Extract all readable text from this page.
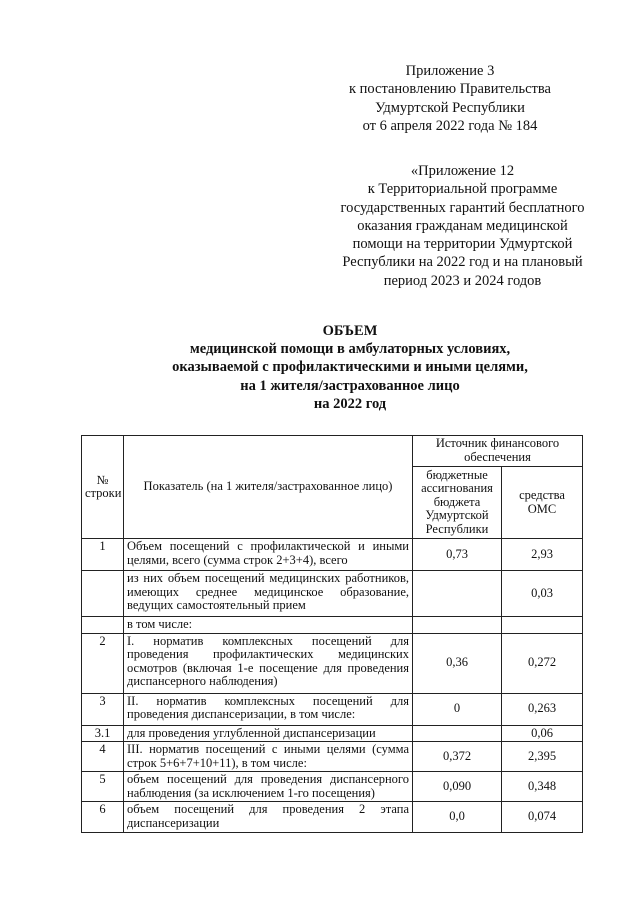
Приложение 3
к постановлению Правительства
Удмуртской Республики
от 6 апреля 2022 года № 184
«Приложение 12
к Территориальной программе
государственных гарантий бесплатного
оказания гражданам медицинской
помощи на территории Удмуртской
Республики на 2022 год и на плановый
период 2023 и 2024 годов
ОБЪЕМ
медицинской помощи в амбулаторных условиях,
оказываемой с профилактическими и иными целями,
на 1 жителя/застрахованное лицо
на 2022 год
№ строки	Показатель (на 1 жителя/застрахованное лицо)	Источник финансового обеспечения	
		бюджетные ассигнования бюджета Удмуртской Республики	средства ОМС
1	Объем посещений с профилактической и иными целями, всего (сумма строк 2+3+4), всего	0,73	2,93
	из них объем посещений медицинских работников, имеющих среднее медицинское образование, ведущих самостоятельный прием		0,03
	в том числе:		
2	I. норматив комплексных посещений для проведения профилактических медицинских осмотров (включая 1-е посещение для проведения диспансерного наблюдения)	0,36	0,272
3	II. норматив комплексных посещений для проведения диспансеризации, в том числе:	0	0,263
3.1	для проведения углубленной диспансеризации		0,06
4	III. норматив посещений с иными целями (сумма строк 5+6+7+10+11), в том числе:	0,372	2,395
5	объем посещений для проведения диспансерного наблюдения (за исключением 1-го посещения)	0,090	0,348
6	объем посещений для проведения 2 этапа диспансеризации	0,0	0,074
